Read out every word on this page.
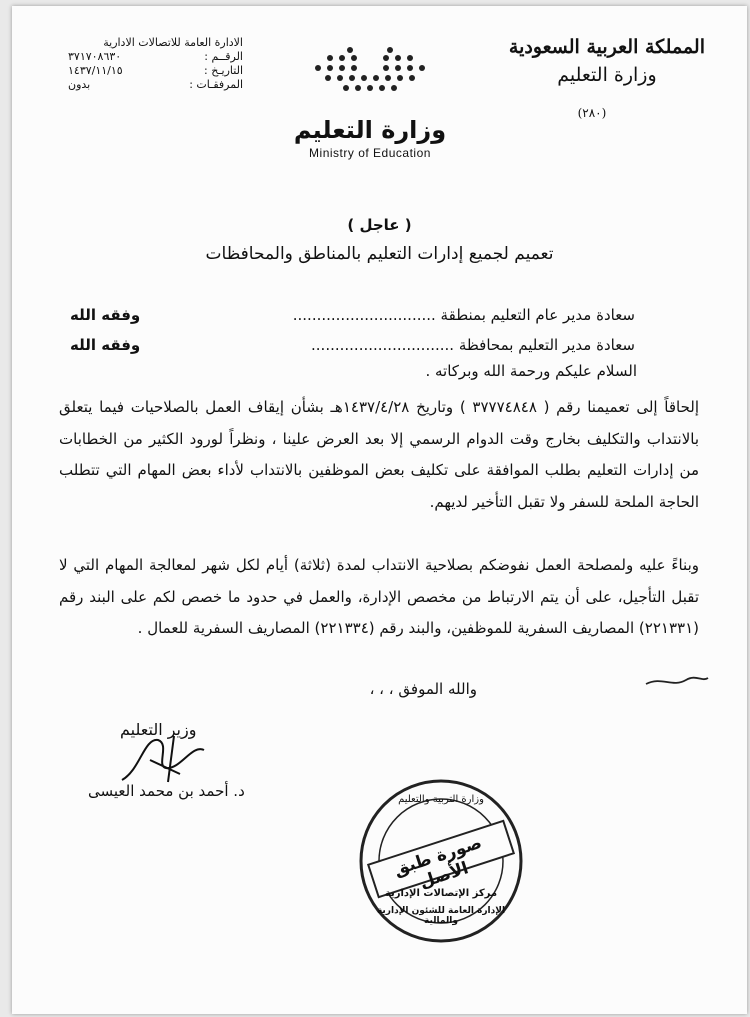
المملكة العربية السعودية
وزارة التعليم
(٢٨٠)
الادارة العامة للاتصالات الادارية
الرقــم :
٣٧١٧٠٨٦٣٠
التاريـخ :
١٤٣٧/١١/١٥
المرفقـات :
بدون
وزارة التعليم
Ministry of Education
( عاجل )
تعميم لجميع إدارات التعليم بالمناطق والمحافظات
سعادة مدير عام التعليم بمنطقة ..............................
وفقه الله
سعادة مدير التعليم بمحافظة ..............................
وفقه الله
السلام عليكم ورحمة الله وبركاته .
إلحاقاً إلى تعميمنا رقم ( ٣٧٧٧٤٨٤٨ ) وتاريخ ١٤٣٧/٤/٢٨هـ بشأن إيقاف العمل بالصلاحيات فيما يتعلق بالانتداب والتكليف بخارج وقت الدوام الرسمي إلا بعد العرض علينا ، ونظراً لورود الكثير من الخطابات من إدارات التعليم بطلب الموافقة على تكليف بعض الموظفين بالانتداب لأداء بعض المهام التي تتطلب الحاجة الملحة للسفر ولا تقبل التأخير لديهم.
وبناءً عليه ولمصلحة العمل نفوضكم بصلاحية الانتداب لمدة (ثلاثة) أيام لكل شهر لمعالجة المهام التي لا تقبل التأجيل، على أن يتم الارتباط من مخصص الإدارة، والعمل في حدود ما خصص لكم على البند رقم (٢٢١٣٣١) المصاريف السفرية للموظفين، والبند رقم (٢٢١٣٣٤) المصاريف السفرية للعمال .
والله الموفق ، ، ،
وزير التعليم
د. أحمد بن محمد العيسى	وزارة التربية والتعليم
صورة طبق الأصل
مركز الإتصالات الإدارية
الإدارة العامة للشئون الإدارية والمالية
